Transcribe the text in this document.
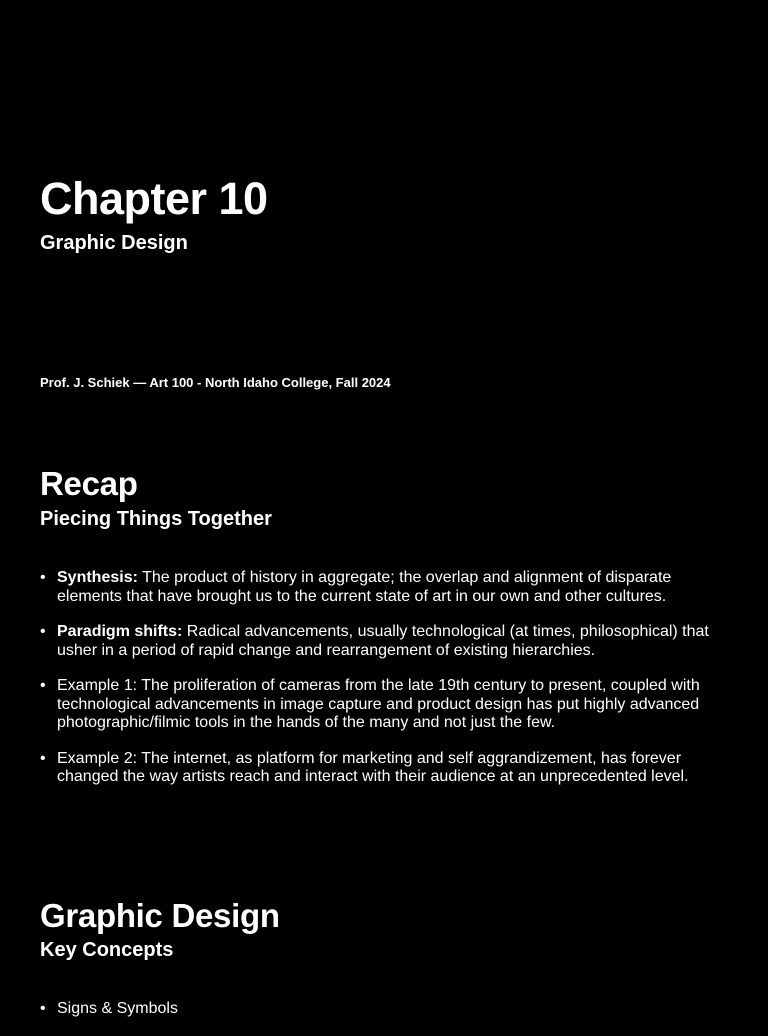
Chapter 10
Graphic Design
Prof. J. Schiek — Art 100 - North Idaho College, Fall 2024
Recap
Piecing Things Together
• Synthesis: The product of history in aggregate; the overlap and alignment of disparate elements that have brought us to the current state of art in our own and other cultures.
• Paradigm shifts: Radical advancements, usually technological (at times, philosophical) that usher in a period of rapid change and rearrangement of existing hierarchies.
• Example 1: The proliferation of cameras from the late 19th century to present, coupled with technological advancements in image capture and product design has put highly advanced photographic/filmic tools in the hands of the many and not just the few.
• Example 2: The internet, as platform for marketing and self aggrandizement, has forever changed the way artists reach and interact with their audience at an unprecedented level.
Graphic Design
Key Concepts
• Signs & Symbols
